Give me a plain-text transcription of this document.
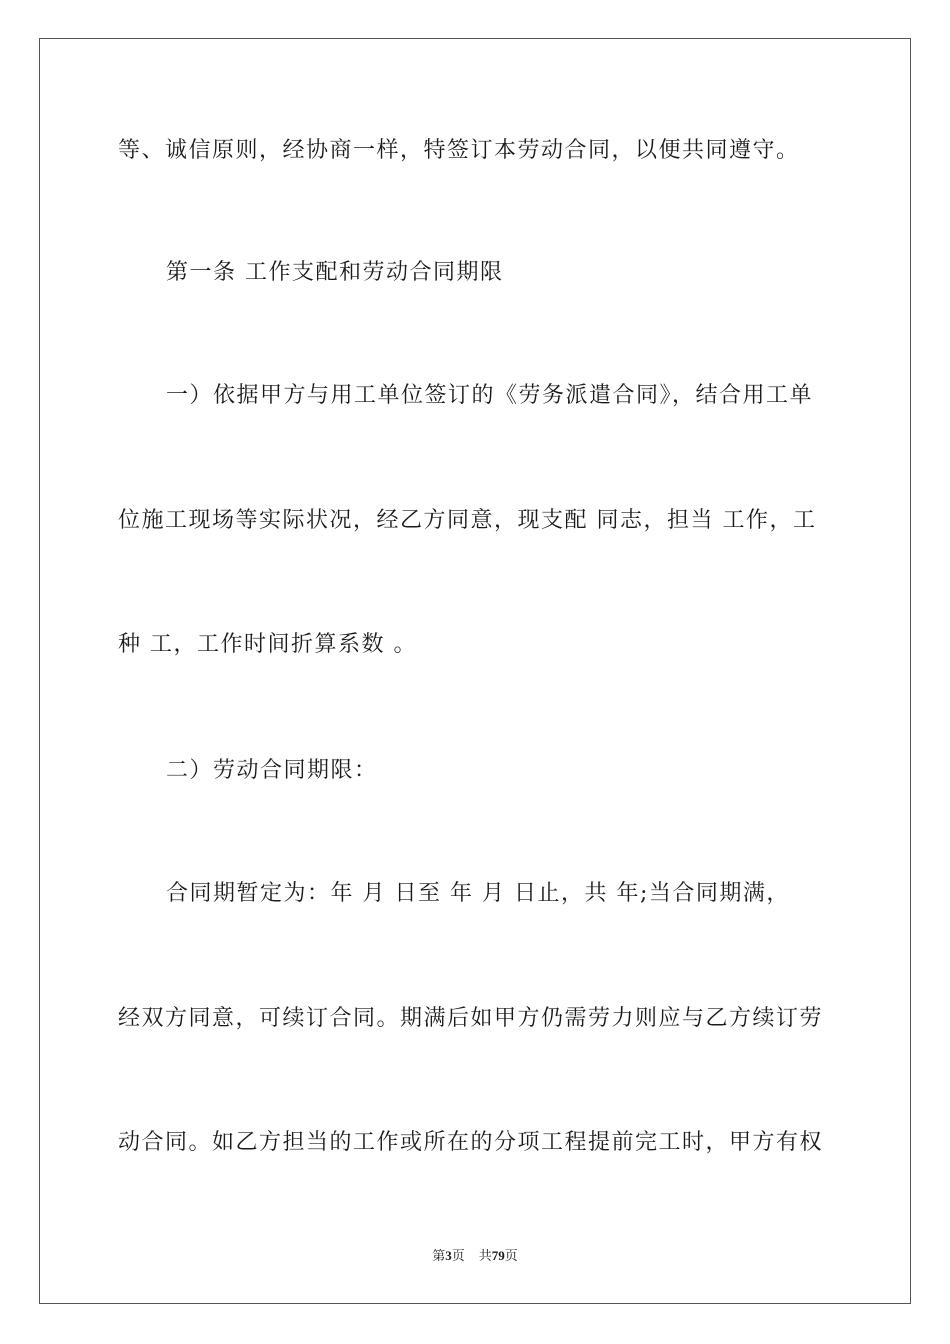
等、诚信原则，经协商一样，特签订本劳动合同，以便共同遵守。
第一条 工作支配和劳动合同期限
一）依据甲方与用工单位签订的《劳务派遣合同》，结合用工单
位施工现场等实际状况，经乙方同意，现支配 同志，担当 工作，工
种 工，工作时间折算系数 。
二）劳动合同期限：
合同期暂定为：年 月 日至 年 月 日止，共 年;当合同期满，
经双方同意，可续订合同。期满后如甲方仍需劳力则应与乙方续订劳
动合同。如乙方担当的工作或所在的分项工程提前完工时，甲方有权
第3页 共79页
